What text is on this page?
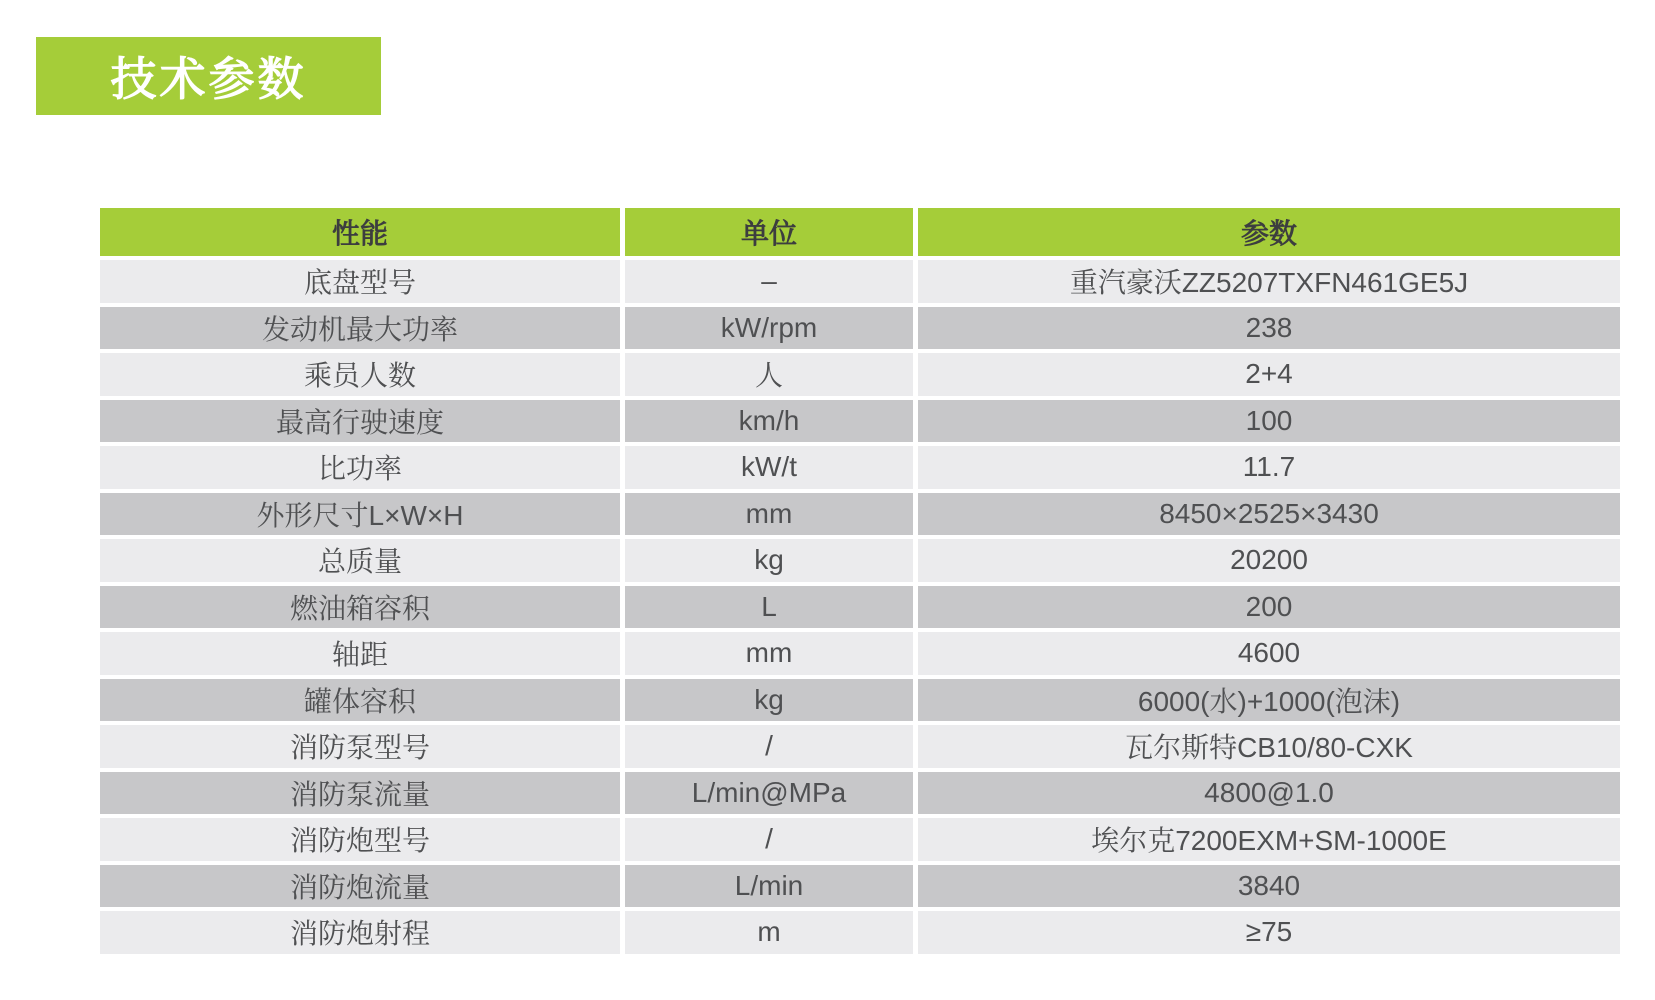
技术参数
性能	单位	参数
底盘型号	–	重汽豪沃ZZ5207TXFN461GE5J
发动机最大功率	kW/rpm	238
乘员人数	人	2+4
最高行驶速度	km/h	100
比功率	kW/t	11.7
外形尺寸L×W×H	mm	8450×2525×3430
总质量	kg	20200
燃油箱容积	L	200
轴距	mm	4600
罐体容积	kg	6000(水)+1000(泡沫)
消防泵型号	/	瓦尔斯特CB10/80-CXK
消防泵流量	L/min@MPa	4800@1.0
消防炮型号	/	埃尔克7200EXM+SM-1000E
消防炮流量	L/min	3840
消防炮射程	m	≥75
